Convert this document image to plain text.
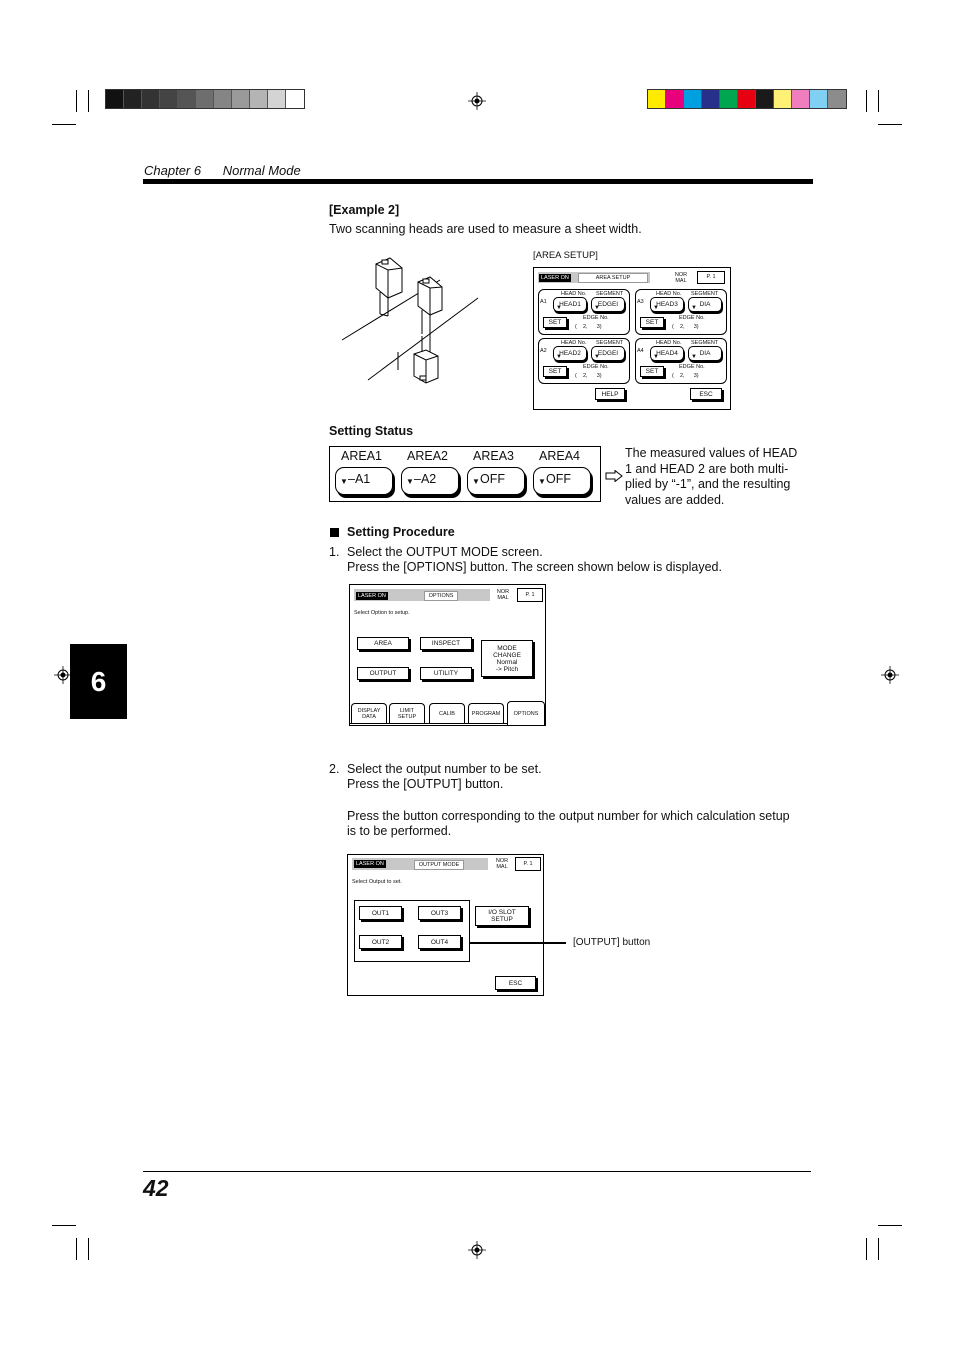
6
Chapter 6 Normal Mode
[Example 2]
Two scanning heads are used to measure a sheet width.
[AREA SETUP]
LASER ON	AREA SETUP	NOR
MAL
P. 1
A1
HEAD No. SEGMENT
HEAD1
▼	EDGEI
▼
SET
EDGE No.
(    2,      3)
A3
HEAD No. SEGMENT
HEAD3
▼	DIA
▼
SET
EDGE No.
(    2,      3)
A2
HEAD No. SEGMENT
HEAD2
▼	EDGEI
▼
SET
EDGE No.
(    2,      3)
A4
HEAD No. SEGMENT
HEAD4
▼	DIA
▼
SET
EDGE No.
(    2,      3)
HELP	ESC
Setting Status
AREA1 AREA2 AREA3 AREA4
–A1
▼	–A2
▼	OFF
▼	OFF
▼
The measured values of HEAD
1 and HEAD 2 are both multi-
plied by “-1”, and the resulting
values are added.
Setting Procedure
1. Select the OUTPUT MODE screen.
Press the [OPTIONS] button. The screen shown below is displayed.
LASER ON	OPTIONS
NOR
MAL	P. 1
Select Option to setup.
AREA	INSPECT
OUTPUT	UTILITY
MODE
CHANGE
Normal
-> Pitch
DISPLAY
DATA
LIMIT
SETUP	CALIB	PROGRAM OPTIONS
2. Select the output number to be set.
Press the [OUTPUT] button.
Press the button corresponding to the output number for which calculation setup
is to be performed.
LASER ON	OUTPUT MODE
NOR
MAL	P. 1
Select Output to set.
OUT1	OUT3
OUT2	OUT4
I/O SLOT
SETUP
ESC
[OUTPUT] button
42
